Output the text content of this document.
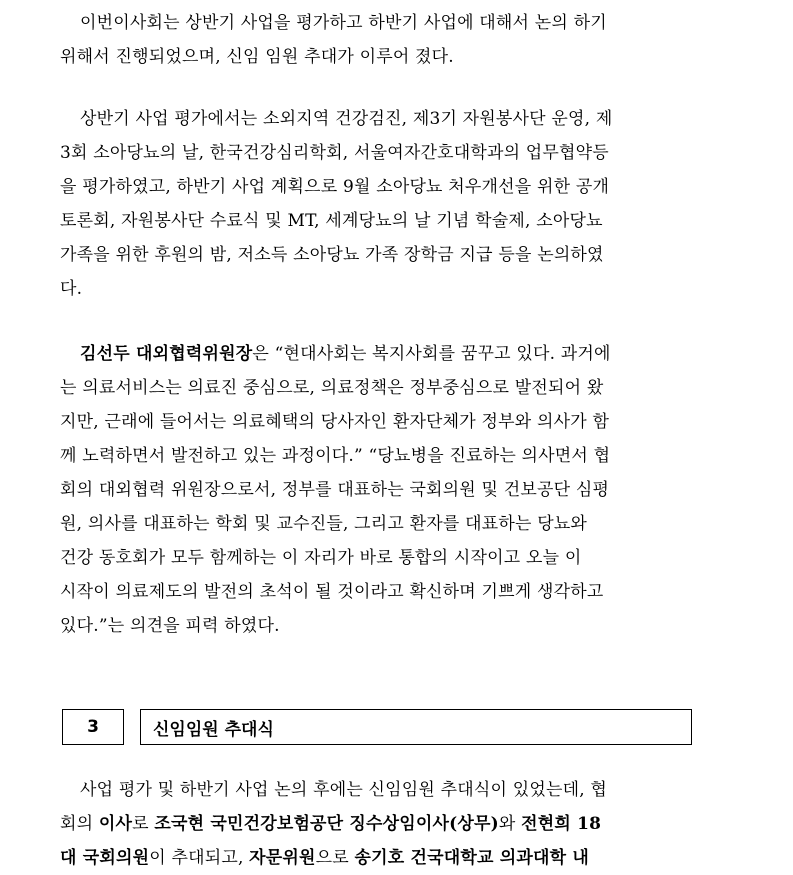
이번이사회는 상반기 사업을 평가하고 하반기 사업에 대해서 논의 하기
위해서 진행되었으며, 신임 임원 추대가 이루어 졌다.
상반기 사업 평가에서는 소외지역 건강검진, 제3기 자원봉사단 운영, 제
3회 소아당뇨의 날, 한국건강심리학회, 서울여자간호대학과의 업무협약등
을 평가하였고, 하반기 사업 계획으로 9월 소아당뇨 처우개선을 위한 공개
토론회, 자원봉사단 수료식 및 MT, 세계당뇨의 날 기념 학술제, 소아당뇨
가족을 위한 후원의 밤, 저소득 소아당뇨 가족 장학금 지급 등을 논의하였
다.
김선두 대외협력위원장은 “현대사회는 복지사회를 꿈꾸고 있다. 과거에
는 의료서비스는 의료진 중심으로, 의료정책은 정부중심으로 발전되어 왔
지만, 근래에 들어서는 의료혜택의 당사자인 환자단체가 정부와 의사가 함
께 노력하면서 발전하고 있는 과정이다.” “당뇨병을 진료하는 의사면서 협
회의 대외협력 위원장으로서, 정부를 대표하는 국회의원 및 건보공단 심평
원, 의사를 대표하는 학회 및 교수진들, 그리고 환자를 대표하는 당뇨와
건강 동호회가 모두 함께하는 이 자리가 바로 통합의 시작이고 오늘 이
시작이 의료제도의 발전의 초석이 될 것이라고 확신하며 기쁘게 생각하고
있다.”는 의견을 피력 하였다.
3	신임임원 추대식
사업 평가 및 하반기 사업 논의 후에는 신임임원 추대식이 있었는데, 협
회의 이사로 조국현 국민건강보험공단 징수상임이사(상무)와 전현희 18
대 국회의원이 추대되고, 자문위원으로 송기호 건국대학교 의과대학 내
